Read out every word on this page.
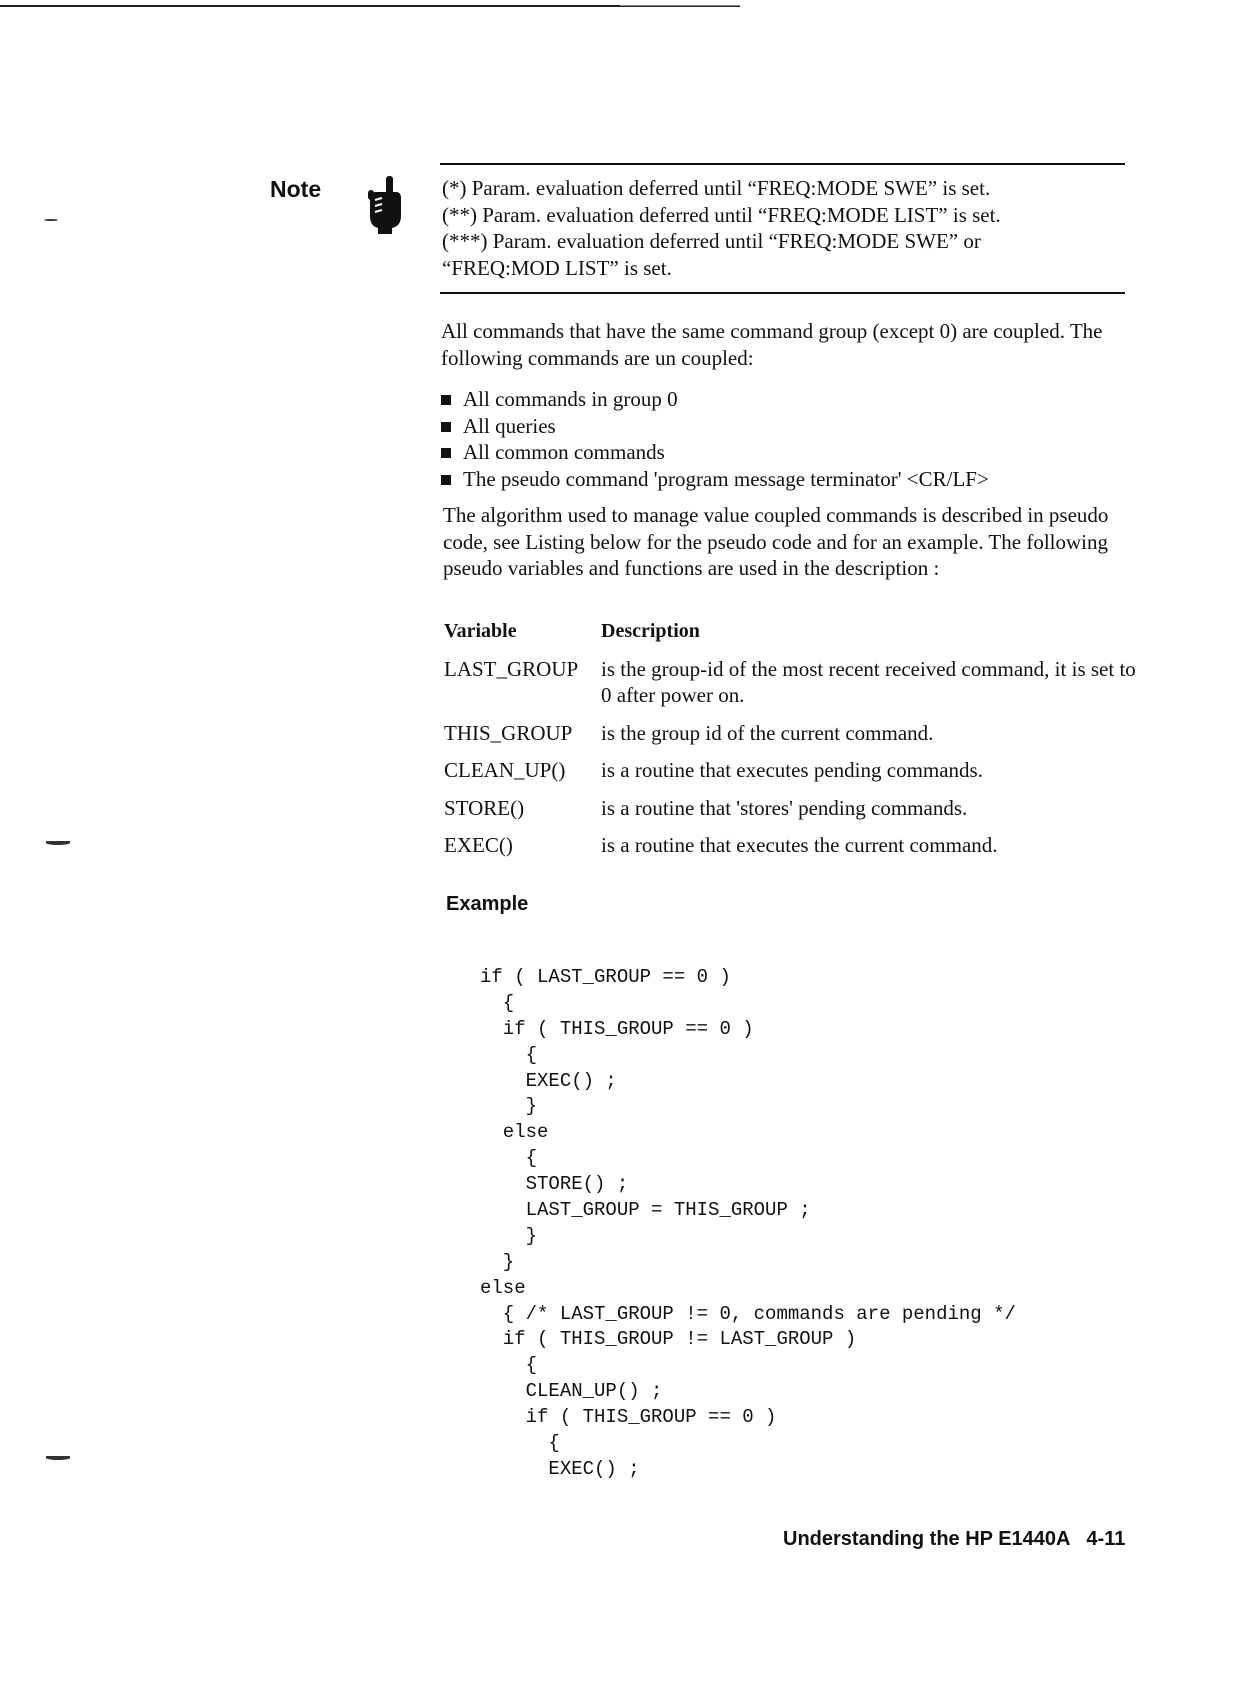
Note	(*) Param. evaluation deferred until “FREQ:MODE SWE” is set.
(**) Param. evaluation deferred until “FREQ:MODE LIST” is set.
(***) Param. evaluation deferred until “FREQ:MODE SWE” or
“FREQ:MOD LIST” is set.
All commands that have the same command group (except 0) are coupled. The following commands are un coupled:
All commands in group 0
All queries
All common commands
The pseudo command 'program message terminator' <CR/LF>
The algorithm used to manage value coupled commands is described in pseudo code, see Listing below for the pseudo code and for an example. The following pseudo variables and functions are used in the description :
Variable	Description
LAST_GROUP	is the group-id of the most recent received command, it is set to 0 after power on.
THIS_GROUP	is the group id of the current command.
CLEAN_UP()	is a routine that executes pending commands.
STORE()	is a routine that 'stores' pending commands.
EXEC()	is a routine that executes the current command.
Example
if ( LAST_GROUP == 0 )
{
if ( THIS_GROUP == 0 )
{
EXEC() ;
}
else
{
STORE() ;
LAST_GROUP = THIS_GROUP ;
}
}
else
{ /* LAST_GROUP != 0, commands are pending */
if ( THIS_GROUP != LAST_GROUP )
{
CLEAN_UP() ;
if ( THIS_GROUP == 0 )
{
EXEC() ;
Understanding the HP E1440A 4-11
